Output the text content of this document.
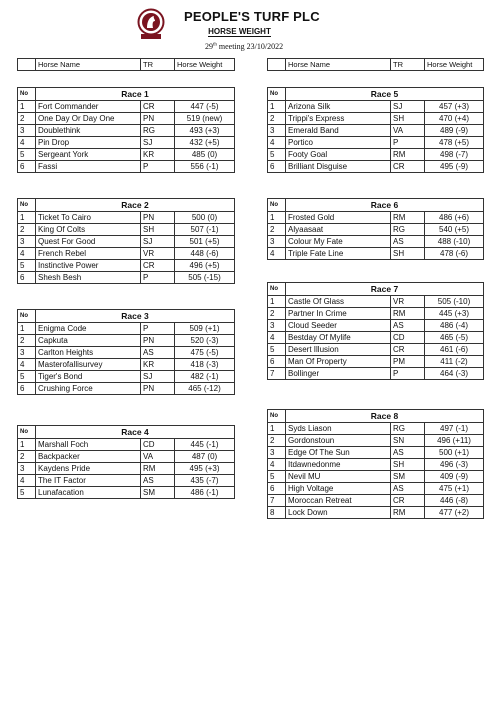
PEOPLE'S TURF PLC
HORSE WEIGHT
29th meeting 23/10/2022
	Horse Name	TR	Horse Weight
		Horse Name	TR	Horse Weight
No	Race 1		
1	Fort Commander	CR	447 (-5)
2	One Day Or Day One	PN	519 (new)
3	Doublethink	RG	493 (+3)
4	Pin Drop	SJ	432 (+5)
5	Sergeant York	KR	485 (0)
6	Fassi	P	556 (-1)
No	Race 2		
1	Ticket To Cairo	PN	500 (0)
2	King Of Colts	SH	507 (-1)
3	Quest For Good	SJ	501 (+5)
4	French Rebel	VR	448 (-6)
5	Instinctive Power	CR	496 (+5)
6	Shesh Besh	P	505 (-15)
No	Race 3		
1	Enigma Code	P	509 (+1)
2	Capkuta	PN	520 (-3)
3	Carlton Heights	AS	475 (-5)
4	Masterofallisurvey	KR	418 (-3)
5	Tiger's Bond	SJ	482 (-1)
6	Crushing Force	PN	465 (-12)
No	Race 4		
1	Marshall Foch	CD	445 (-1)
2	Backpacker	VA	487 (0)
3	Kaydens Pride	RM	495 (+3)
4	The IT Factor	AS	435 (-7)
5	Lunafacation	SM	486 (-1)
No	Race 5		
1	Arizona Silk	SJ	457 (+3)
2	Trippi's Express	SH	470 (+4)
3	Emerald Band	VA	489 (-9)
4	Portico	P	478 (+5)
5	Footy Goal	RM	498 (-7)
6	Brilliant Disguise	CR	495 (-9)
No	Race 6		
1	Frosted Gold	RM	486 (+6)
2	Alyaasaat	RG	540 (+5)
3	Colour My Fate	AS	488 (-10)
4	Triple Fate Line	SH	478 (-6)
No	Race 7		
1	Castle Of Glass	VR	505 (-10)
2	Partner In Crime	RM	445 (+3)
3	Cloud Seeder	AS	486 (-4)
4	Bestday Of Mylife	CD	465 (-5)
5	Desert Illusion	CR	461 (-6)
6	Man Of Property	PM	411 (-2)
7	Bollinger	P	464 (-3)
No	Race 8		
1	Syds Liason	RG	497 (-1)
2	Gordonstoun	SN	496 (+11)
3	Edge Of The Sun	AS	500 (+1)
4	Itdawnedonme	SH	496 (-3)
5	Nevil MU	SM	409 (-9)
6	High Voltage	AS	475 (+1)
7	Moroccan Retreat	CR	446 (-8)
8	Lock Down	RM	477 (+2)
